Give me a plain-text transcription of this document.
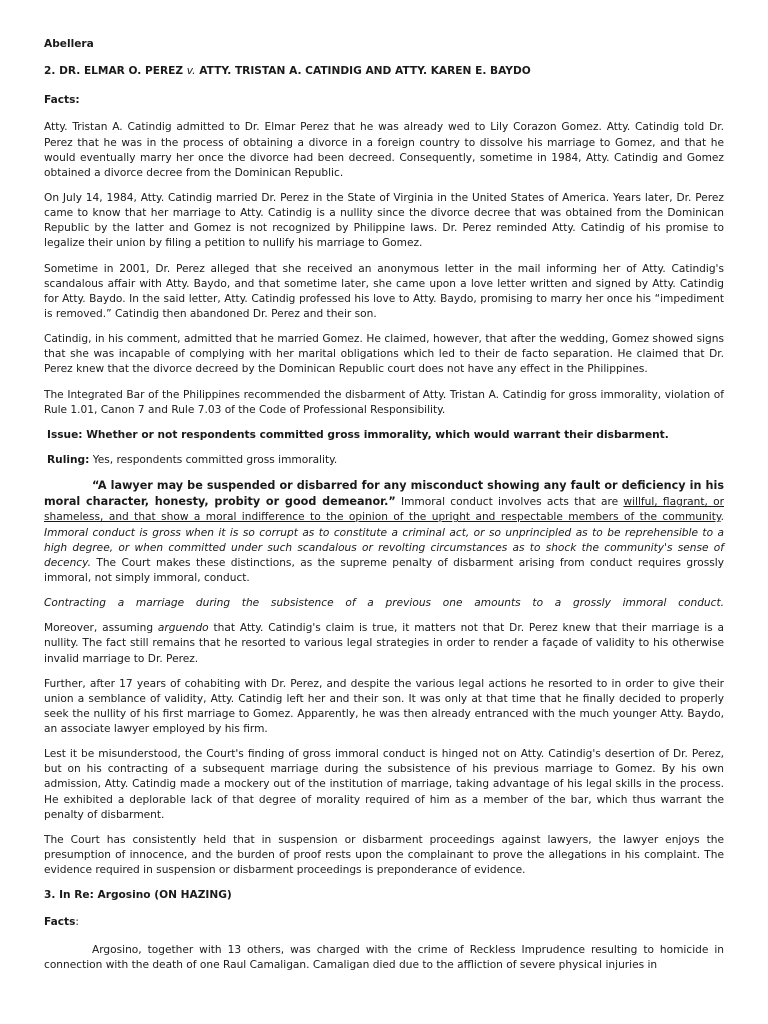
Abellera

2. DR. ELMAR O. PEREZ v. ATTY. TRISTAN A. CATINDIG AND ATTY. KAREN E. BAYDO

Facts:

Atty. Tristan A. Catindig admitted to Dr. Elmar Perez that he was already wed to Lily Corazon Gomez. Atty. Catindig told Dr. Perez that he was in the process of obtaining a divorce in a foreign country to dissolve his marriage to Gomez, and that he would eventually marry her once the divorce had been decreed. Consequently, sometime in 1984, Atty. Catindig and Gomez obtained a divorce decree from the Dominican Republic.

On July 14, 1984, Atty. Catindig married Dr. Perez in the State of Virginia in the United States of America. Years later, Dr. Perez came to know that her marriage to Atty. Catindig is a nullity since the divorce decree that was obtained from the Dominican Republic by the latter and Gomez is not recognized by Philippine laws. Dr. Perez reminded Atty. Catindig of his promise to legalize their union by filing a petition to nullify his marriage to Gomez.

Sometime in 2001, Dr. Perez alleged that she received an anonymous letter in the mail informing her of Atty. Catindig's scandalous affair with Atty. Baydo, and that sometime later, she came upon a love letter written and signed by Atty. Catindig for Atty. Baydo. In the said letter, Atty. Catindig professed his love to Atty. Baydo, promising to marry her once his “impediment is removed.” Catindig then abandoned Dr. Perez and their son.

Catindig, in his comment, admitted that he married Gomez. He claimed, however, that after the wedding, Gomez showed signs that she was incapable of complying with her marital obligations which led to their de facto separation. He claimed that Dr. Perez knew that the divorce decreed by the Dominican Republic court does not have any effect in the Philippines.

The Integrated Bar of the Philippines recommended the disbarment of Atty. Tristan A. Catindig for gross immorality, violation of Rule 1.01, Canon 7 and Rule 7.03 of the Code of Professional Responsibility.

Issue: Whether or not respondents committed gross immorality, which would warrant their disbarment.

Ruling: Yes, respondents committed gross immorality.

“A lawyer may be suspended or disbarred for any misconduct showing any fault or deficiency in his moral character, honesty, probity or good demeanor.” Immoral conduct involves acts that are willful, flagrant, or shameless, and that show a moral indifference to the opinion of the upright and respectable members of the community. Immoral conduct is gross when it is so corrupt as to constitute a criminal act, or so unprincipled as to be reprehensible to a high degree, or when committed under such scandalous or revolting circumstances as to shock the community's sense of decency. The Court makes these distinctions, as the supreme penalty of disbarment arising from conduct requires grossly immoral, not simply immoral, conduct.

Contracting a marriage during the subsistence of a previous one amounts to a grossly immoral conduct.

Moreover, assuming arguendo that Atty. Catindig's claim is true, it matters not that Dr. Perez knew that their marriage is a nullity. The fact still remains that he resorted to various legal strategies in order to render a façade of validity to his otherwise invalid marriage to Dr. Perez.

Further, after 17 years of cohabiting with Dr. Perez, and despite the various legal actions he resorted to in order to give their union a semblance of validity, Atty. Catindig left her and their son. It was only at that time that he finally decided to properly seek the nullity of his first marriage to Gomez. Apparently, he was then already entranced with the much younger Atty. Baydo, an associate lawyer employed by his firm.

Lest it be misunderstood, the Court's finding of gross immoral conduct is hinged not on Atty. Catindig's desertion of Dr. Perez, but on his contracting of a subsequent marriage during the subsistence of his previous marriage to Gomez. By his own admission, Atty. Catindig made a mockery out of the institution of marriage, taking advantage of his legal skills in the process. He exhibited a deplorable lack of that degree of morality required of him as a member of the bar, which thus warrant the penalty of disbarment.

The Court has consistently held that in suspension or disbarment proceedings against lawyers, the lawyer enjoys the presumption of innocence, and the burden of proof rests upon the complainant to prove the allegations in his complaint. The evidence required in suspension or disbarment proceedings is preponderance of evidence.

3. In Re: Argosino (ON HAZING)

Facts:

Argosino, together with 13 others, was charged with the crime of Reckless Imprudence resulting to homicide in connection with the death of one Raul Camaligan. Camaligan died due to the affliction of severe physical injuries in
